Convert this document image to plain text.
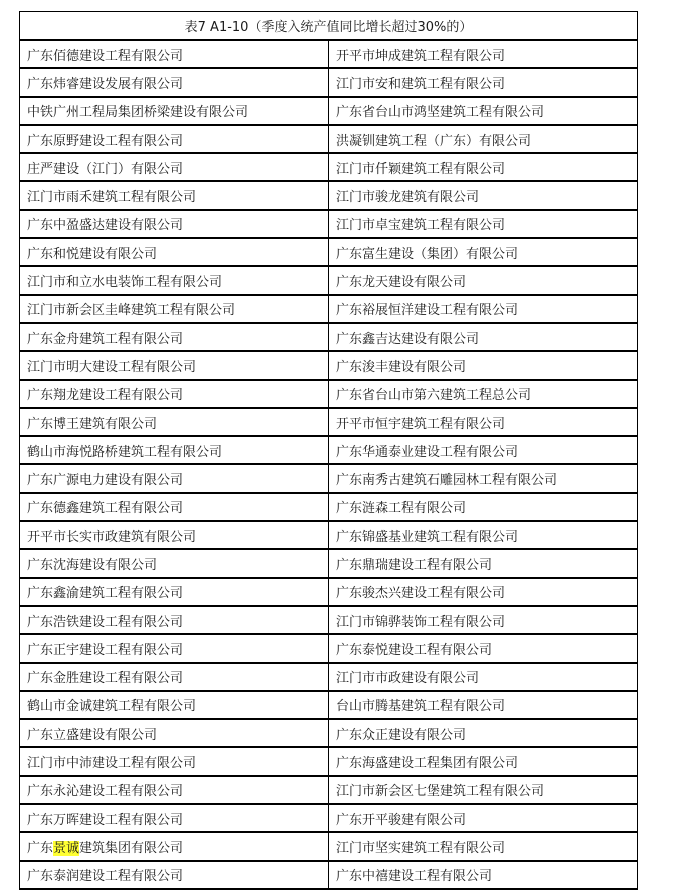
表7 A1-10（季度入统产值同比增长超过30%的）	
广东佰德建设工程有限公司	开平市坤成建筑工程有限公司
广东炜睿建设发展有限公司	江门市安和建筑工程有限公司
中铁广州工程局集团桥梁建设有限公司	广东省台山市鸿坚建筑工程有限公司
广东原野建设工程有限公司	洪凝钏建筑工程（广东）有限公司
庄严建设（江门）有限公司	江门市仟颖建筑工程有限公司
江门市雨禾建筑工程有限公司	江门市骏龙建筑有限公司
广东中盈盛达建设有限公司	江门市卓宝建筑工程有限公司
广东和悦建设有限公司	广东富生建设（集团）有限公司
江门市和立水电装饰工程有限公司	广东龙天建设有限公司
江门市新会区圭峰建筑工程有限公司	广东裕展恒洋建设工程有限公司
广东金舟建筑工程有限公司	广东鑫吉达建设有限公司
江门市明大建设工程有限公司	广东浚丰建设有限公司
广东翔龙建设工程有限公司	广东省台山市第六建筑工程总公司
广东博王建筑有限公司	开平市恒宇建筑工程有限公司
鹤山市海悦路桥建筑工程有限公司	广东华通泰业建设工程有限公司
广东广源电力建设有限公司	广东南秀古建筑石雕园林工程有限公司
广东德鑫建筑工程有限公司	广东涟森工程有限公司
开平市长实市政建筑有限公司	广东锦盛基业建筑工程有限公司
广东沈海建设有限公司	广东鼎瑞建设工程有限公司
广东鑫渝建筑工程有限公司	广东骏杰兴建设工程有限公司
广东浩铁建设工程有限公司	江门市锦骅装饰工程有限公司
广东正宇建设工程有限公司	广东泰悦建设工程有限公司
广东金胜建设工程有限公司	江门市市政建设有限公司
鹤山市金诚建筑工程有限公司	台山市腾基建筑工程有限公司
广东立盛建设有限公司	广东众正建设有限公司
江门市中沛建设工程有限公司	广东海盛建设工程集团有限公司
广东永沁建设工程有限公司	江门市新会区七堡建筑工程有限公司
广东万晖建设工程有限公司	广东开平骏建有限公司
广东景诚建筑集团有限公司	江门市坚实建筑工程有限公司
广东泰润建设工程有限公司	广东中禧建设工程有限公司
